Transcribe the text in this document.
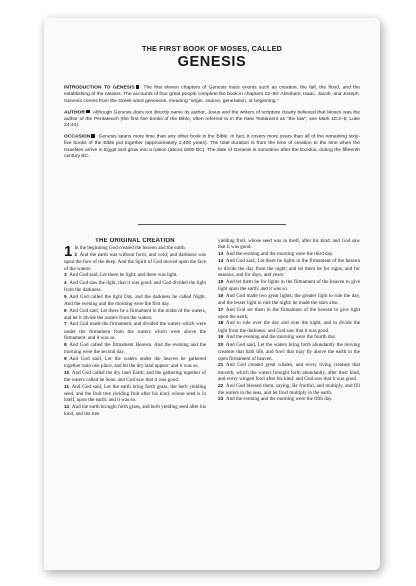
THE FIRST BOOK OF MOSES, CALLED
GENESIS

INTRODUCTION TO GENESIS The first eleven chapters of Genesis trace events such as creation, the fall, the flood, and the establishing of the nations. The accounts of four great people complete the book in chapters 12–50: Abraham, Isaac, Jacob, and Joseph. Genesis comes from the Greek word geneseos, meaning “origin, source, generation, or beginning.”

AUTHOR Although Genesis does not directly name its author, Jesus and the writers of scripture clearly believed that Moses was the author of the Pentateuch (the first five books of the Bible, often referred to in the New Testament as “the law”; see Mark 10:3–5; Luke 24:44).

OCCASION Genesis spans more time than any other book in the Bible. In fact, it covers more years than all of the remaining sixty-five books of the Bible put together (approximately 2,400 years). The total duration is from the time of creation to the time when the Israelites arrive in Egypt and grow into a nation (about 1800 BC). The date of Genesis is sometime after the Exodus, during the fifteenth century BC.

THE ORIGINAL CREATION

1 In the beginning God created the heaven and the earth.

2  And the earth was without form, and void; and darkness was upon the face of the deep. And the Spirit of God moved upon the face of the waters.

3  And God said, Let there be light: and there was light.

4  And God saw the light, that it was good: and God divided the light from the darkness.

5  And God called the light Day, and the darkness he called Night. And the evening and the morning were the first day.

6  And God said, Let there be a firmament in the midst of the waters, and let it divide the waters from the waters.

7  And God made the firmament, and divided the waters which were under the firmament from the waters which were above the firmament: and it was so.

8  And God called the firmament Heaven. And the evening and the morning were the second day.

9  And God said, Let the waters under the heaven be gathered together unto one place, and let the dry land appear: and it was so.

10  And God called the dry land Earth; and the gathering together of the waters called he Seas: and God saw that it was good.

11  And God said, Let the earth bring forth grass, the herb yielding seed, and the fruit tree yielding fruit after his kind, whose seed is in itself, upon the earth: and it was so.

12  And the earth brought forth grass, and herb yielding seed after his kind, and the tree

yielding fruit, whose seed was in itself, after his kind: and God saw that it was good.

13  And the evening and the morning were the third day.

14  And God said, Let there be lights in the firmament of the heaven to divide the day from the night; and let them be for signs, and for seasons, and for days, and years:

15  And let them be for lights in the firmament of the heaven to give light upon the earth: and it was so.

16  And God made two great lights; the greater light to rule the day, and the lesser light to rule the night: he made the stars also.

17  And God set them in the firmament of the heaven to give light upon the earth,

18  And to rule over the day and over the night, and to divide the light from the darkness: and God saw that it was good.

19  And the evening and the morning were the fourth day.

20  And God said, Let the waters bring forth abundantly the moving creature that hath life, and fowl that may fly above the earth in the open firmament of heaven.

21  And God created great whales, and every living creature that moveth, which the waters brought forth abundantly, after their kind, and every winged fowl after his kind: and God saw that it was good.

22  And God blessed them, saying, Be fruitful, and multiply, and fill the waters in the seas, and let fowl multiply in the earth.

23  And the evening and the morning were the fifth day.
